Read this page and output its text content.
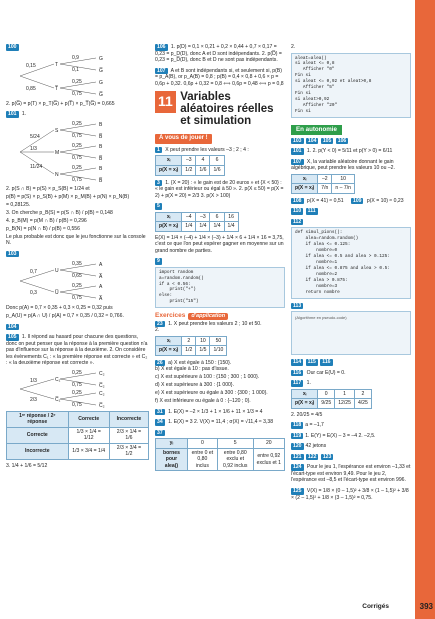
100
0,15
0,85
T
T̅
0,9
0,1
0,25
0,75
G
G̅
G
G̅

2. p(G̅) = p(T) × p_T(G̅) + p(T̅) × p_T̅(G̅) = 0,665

101 1.
5/24
1/3
11/24
S
M
N
0,25
0,75
0,25
0,75
0,25
0,75
B
B̅
B
B̅
B
B̅

2. p(S ∩ B) = p(S) × p_S(B) = 1/24 et

p(B) = p(S) × p_S(B) + p(M) × p_M(B) + p(N) × p_N(B)

= 0,28125.

3. On cherche p_B(S) = p(S ∩ B) / p(B) ≈ 0,148

4. p_B(M) = p(M ∩ B) / p(B) ≈ 0,296

p_B(N) = p(N ∩ B) / p(B) ≈ 0,556

Le plus probable est donc que le jeu fonctionne sur la console N.

103
0,7
0,3
U
U̅
0,35
0,65
0,25
0,75
A
A̅
A
A̅

Donc p(A) = 0,7 × 0,35 + 0,3 × 0,25 = 0,32 puis

p_A(U) = p(A ∩ U) / p(A) = 0,7 × 0,35 / 0,32 ≈ 0,766.

104
105 1. Il répond au hasard pour chacune des questions, donc on peut penser que la réponse à la première question n'a pas d'influence sur la réponse à la deuxième. 2. On considère les évènements C₁ : « la première réponse est correcte » et C₂ : « la deuxième réponse est correcte ».
1/3
2/3
C₁
C̅₁
0,25
0,75
0,25
0,75
C₂
C̅₂
C₂
C̅₂
1ʳᵉ réponse / 2ᵉ réponse	Correcte	Incorrecte
Correcte	1/3 × 1/4 = 1/12	2/3 × 1/4 = 1/6
Incorrecte	1/3 × 3/4 = 1/4	2/3 × 3/4 = 1/2

3. 1/4 + 1/6 = 5/12

106 1. p(D) = 0,1 × 0,21 + 0,2 × 0,44 + 0,7 × 0,17 = 0,23 = p_D(D), donc A et D sont indépendants. 2. p(D̅) = 0,23 = p_D̅(D), donc B et D ne sont pas indépendants.
107 A et B sont indépendants si, et seulement si, p(B) = p_A(B), or p_A(B) = 0,8 ; p(B) = 0,4 × 0,8 + 0,6 × p = 0,6p + 0,32. 0,6p + 0,32 = 0,8 ⟺ 0,6p = 0,48 ⟺ p = 0,8
11 Variables
aléatoires réelles
et simulation
À vous de jouer !
1 X peut prendre les valeurs –3 ; 2 ; 4 :
xᵢ	–3	4	6
p(X = xᵢ)	1/2	1/6	1/6
3 1. {X = 20} : « le gain est de 20 euros » et {X < 50} : « le gain est inférieur ou égal à 50 ». 2. p(X ≤ 50) = p(X = 2) + p(X = 20) = 2/3 3. p(X > 100)
5
xᵢ	–4	–3	6	16
p(X = xᵢ)	1/4	1/4	1/4	1/4

E(X) = 1/4 × (–4) + 1/4 × (–3) + 1/4 × 6 + 1/4 × 16 = 3,75, c'est ce que l'on peut espérer gagner en moyenne sur un grand nombre de parties.

9
import random
a=random.random()
if a < 0.56:
print("+")
else:
print("15")
Exercices d'application
23 1. X peut prendre les valeurs 2 ; 10 et 50.
2.
xᵢ	2	10	50
p(X = xᵢ)	1/2	1/5	1/10
26 a) X est égale à 150 : {150}.

b) X est égale à 10 : pas d'issue.

c) X est supérieure à 100 : {150 ; 300 ; 1 000}.

d) X est supérieure à 300 : {1 000}.

e) X est supérieure ou égale à 300 : {300 ; 1 000}.

f) X est inférieure ou égale à 0 : {–120 ; 0}.

31 1. E(X) = –2 × 1/3 + 1 × 1/6 + 11 × 1/3 = 4
34 1. E(X) = 3 2. V(X) = 11,4 ; σ(X) = √11,4 ≈ 3,38
37 yᵢ	0	5	20
bornes pour alea()	entre 0 et 0,80 inclus	entre 0,80 exclu et 0,92 inclus	entre 0,92 exclus et 1
2.
aleat=alea()
si aleat <= 0,8
Afficher "0"
Fin si
si aleat <= 0,92 et aleat>0,8
Afficher "5"
Fin si
si aleat>0,92
Afficher "20"
Fin si
En autonomie
103 104 105 106
101 1. 2. p(Y < 0) = 5/11 et p(Y > 0) = 6/11
107 X, la variable aléatoire donnant le gain algébrique, peut prendre les valeurs 10 ou –2.
xᵢ	–2	10
p(X = xᵢ)	7/n	n – 7/n
108 p(X = 41) ≈ 0,51 109 p(X = 10) ≈ 0,23
110 111
112
def simul_pions():
alea=random.random()
if alea <= 0.125:
nombre=0
if alea <= 0.5 and alea > 0.125:
nombre=1
if alea <= 0.875 and alea > 0.5:
nombre=2
if alea > 0.875:
nombre=3
return nombre
113
(Algorithme en pseudo-code)
114 115 116
116 Our car E(U) = 0.
117 1.
xᵢ	0	1	2
p(X = xᵢ)	9/25	12/25	4/25

2. 20/25 = 4/5

118 a = –1,7
119 1. E(Y) = E(X) – 3 = –4 2. –2,5.
120 42 jetons
121 122 123
124 Pour le jeu 1, l'espérance est environ –1,33 et l'écart-type est environ 9,49. Pour le jeu 2, l'espérance est –8,5 et l'écart-type est environ 996.
125 V(X) = 1/8 × (0 – 1,5)² + 3/8 × (1 – 1,5)² + 3/8 × (2 – 1,5)² + 1/8 × (3 – 1,5)² = 0,75.
Corrigés	393
